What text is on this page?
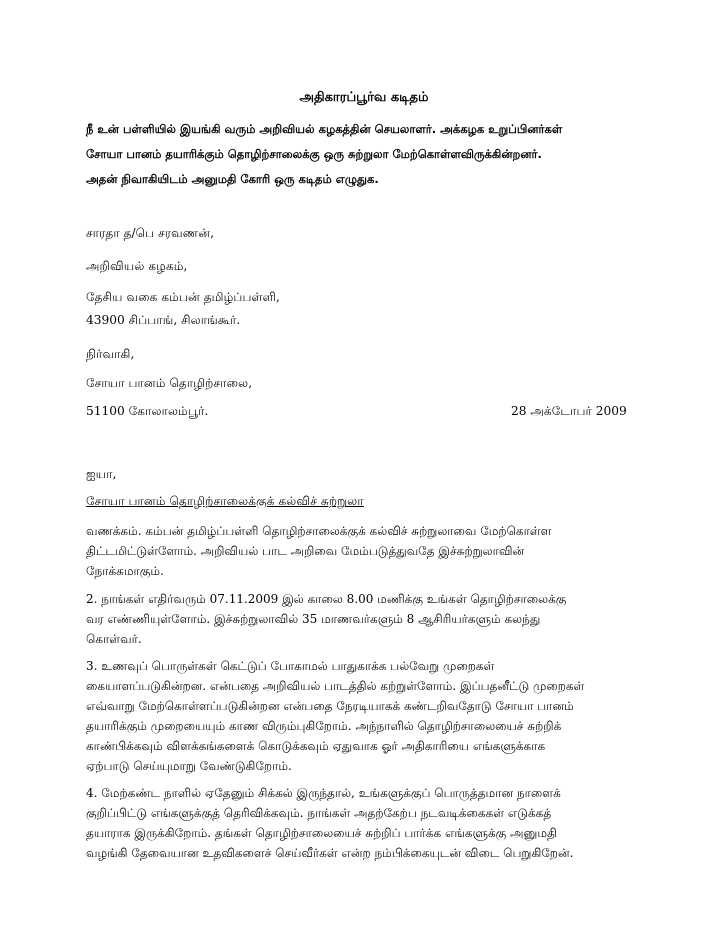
அதிகாரப்பூர்வ கடிதம்
நீ உன் பள்ளியில் இயங்கி வரும் அறிவியல் கழகத்தின் செயலாளர். அக்கழக உறுப்பினர்கள்
சோயா பானம் தயாரிக்கும் தொழிற்சாலைக்கு ஒரு சுற்றுலா மேற்கொள்ளவிருக்கின்றனர்.
அதன் நிவாகியிடம் அனுமதி கோரி ஒரு கடிதம் எழுதுக.
சாரதா த/பெ சரவணன்,
அறிவியல் கழகம்,
தேசிய வகை கம்பன் தமிழ்ப்பள்ளி,
43900 சிப்பாங், சிலாங்கூர்.
நிர்வாகி,
சோயா பானம் தொழிற்சாலை,
51100 கோலாலம்பூர்.	28 அக்டோபர் 2009
ஐயா,
சோயா பானம் தொழிற்சாலைக்குக் கல்விச் சுற்றுலா
வணக்கம். கம்பன் தமிழ்ப்பள்ளி தொழிற்சாலைக்குக் கல்விச் சுற்றுலாவை மேற்கொள்ள
திட்டமிட்டுள்ளோம். அறிவியல் பாட அறிவை மேம்படுத்துவதே இச்சுற்றுலாவின்
நோக்கமாகும்.
2. நாங்கள் எதிர்வரும் 07.11.2009 இல் காலை 8.00 மணிக்கு உங்கள் தொழிற்சாலைக்கு
வர எண்ணியுள்ளோம். இச்சுற்றுலாவில் 35 மாணவர்களும் 8 ஆசிரியர்களும் கலந்து
கொள்வர்.
3. உணவுப் பொருள்கள் கெட்டுப் போகாமல் பாதுகாக்க பல்வேறு முறைகள்
கையாளப்படுகின்றன. என்பதை அறிவியல் பாடத்தில் கற்றுள்ளோம். இப்பதனீட்டு முறைகள்
எவ்வாறு மேற்கொள்ளப்படுகின்றன என்பதை நேரடியாகக் கண்டறிவதோடு சோயா பானம்
தயாரிக்கும் முறையையும் காண விரும்புகிறோம். அந்நாளில் தொழிற்சாலையைச் சுற்றிக்
காண்பிக்கவும் விளக்கங்களைக் கொடுக்கவும் ஏதுவாக ஓர் அதிகாரியை எங்களுக்காக
ஏற்பாடு செய்யுமாறு வேண்டுகிறோம்.
4. மேற்கண்ட நாளில் ஏதேனும் சிக்கல் இருந்தால், உங்களுக்குப் பொருத்தமான நாளைக்
குறிப்பிட்டு எங்களுக்குத் தெரிவிக்கவும். நாங்கள் அதற்கேற்ப நடவடிக்கைகள் எடுக்கத்
தயாராக இருக்கிறோம். தங்கள் தொழிற்சாலையைச் சுற்றிப் பார்க்க எங்களுக்கு அனுமதி
வழங்கி தேவையான உதவிகளைச் செய்வீர்கள் என்ற நம்பிக்கையுடன் விடை பெறுகிறேன்.
